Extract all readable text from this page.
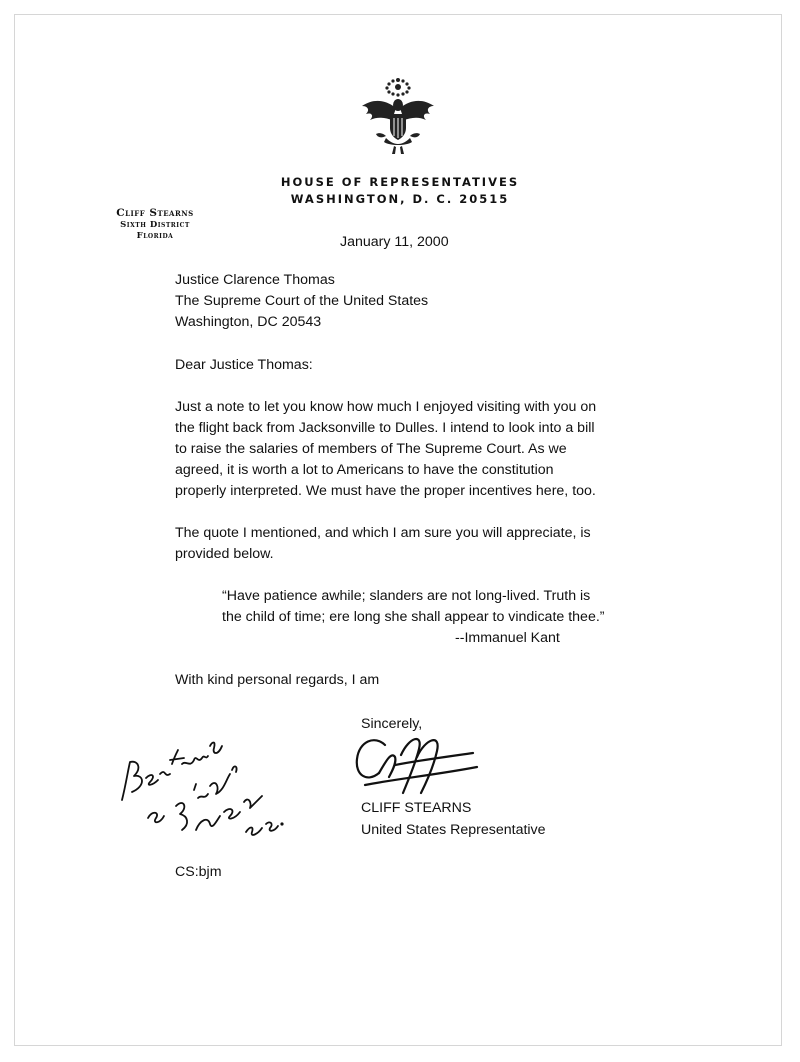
HOUSE OF REPRESENTATIVES
WASHINGTON, D. C. 20515
Cliff Stearns
Sixth District
Florida	January 11, 2000
Justice Clarence Thomas
The Supreme Court of the United States
Washington, DC 20543
Dear Justice Thomas:
Just a note to let you know how much I enjoyed visiting with you on
the flight back from Jacksonville to Dulles. I intend to look into a bill
to raise the salaries of members of The Supreme Court. As we
agreed, it is worth a lot to Americans to have the constitution
properly interpreted. We must have the proper incentives here, too.
The quote I mentioned, and which I am sure you will appreciate, is
provided below.
“Have patience awhile; slanders are not long-lived. Truth is
the child of time; ere long she shall appear to vindicate thee.”
--Immanuel Kant
With kind personal regards, I am
Sincerely,
CLIFF STEARNS
United States Representative
CS:bjm
